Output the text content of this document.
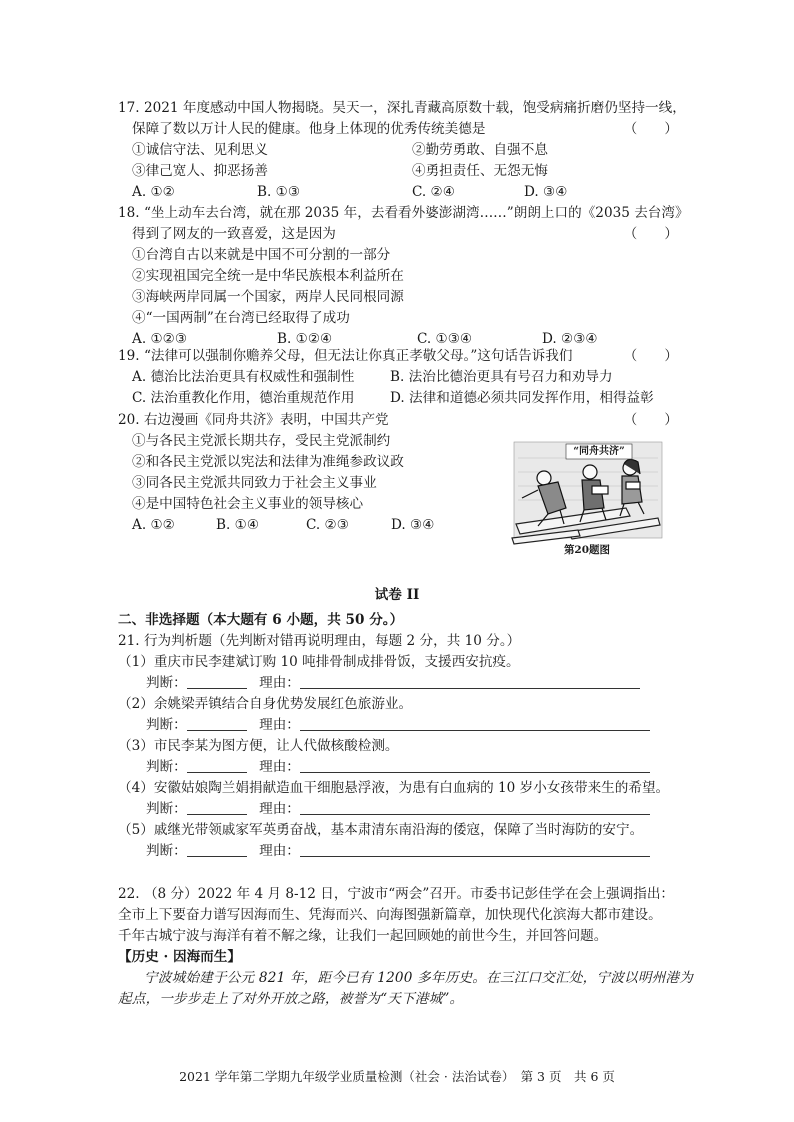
17. 2021 年度感动中国人物揭晓。吴天一，深扎青藏高原数十载，饱受病痛折磨仍坚持一线，
保障了数以万计人民的健康。他身上体现的优秀传统美德是	（　　）
①诚信守法、见利思义	②勤劳勇敢、自强不息
③律己宽人、抑恶扬善	④勇担责任、无怨无悔
A. ①②	B. ①③	C. ②④	D. ③④
18. “坐上动车去台湾，就在那 2035 年，去看看外婆澎湖湾……”朗朗上口的《2035 去台湾》
得到了网友的一致喜爱，这是因为	（　　）
①台湾自古以来就是中国不可分割的一部分
②实现祖国完全统一是中华民族根本利益所在
③海峡两岸同属一个国家，两岸人民同根同源
④“一国两制”在台湾已经取得了成功
A. ①②③	B. ①②④	C. ①③④	D. ②③④
19. “法律可以强制你赡养父母，但无法让你真正孝敬父母。”这句话告诉我们	（　　）
A. 德治比法治更具有权威性和强制性	B. 法治比德治更具有号召力和劝导力
C. 法治重教化作用，德治重规范作用	D. 法律和道德必须共同发挥作用，相得益彰
20. 右边漫画《同舟共济》表明，中国共产党	（　　）
①与各民主党派长期共存，受民主党派制约
②和各民主党派以宪法和法律为准绳参政议政
③同各民主党派共同致力于社会主义事业
④是中国特色社会主义事业的领导核心
A. ①②	B. ①④	C. ②③	D. ③④
“同舟共济”
第20题图
试卷 II
二、非选择题（本大题有 6 小题，共 50 分。）
21. 行为判析题（先判断对错再说明理由，每题 2 分，共 10 分。）
（1）重庆市民李建斌订购 10 吨排骨制成排骨饭，支援西安抗疫。
判断：	理由：
（2）余姚梁弄镇结合自身优势发展红色旅游业。
判断：	理由：
（3）市民李某为图方便，让人代做核酸检测。
判断：	理由：
（4）安徽姑娘陶兰娟捐献造血干细胞悬浮液，为患有白血病的 10 岁小女孩带来生的希望。
判断：	理由：
（5）戚继光带领戚家军英勇奋战，基本肃清东南沿海的倭寇，保障了当时海防的安宁。
判断：	理由：
22. （8 分）2022 年 4 月 8-12 日，宁波市“两会”召开。市委书记彭佳学在会上强调指出：
全市上下要奋力谱写因海而生、凭海而兴、向海图强新篇章，加快现代化滨海大都市建设。
千年古城宁波与海洋有着不解之缘，让我们一起回顾她的前世今生，并回答问题。
【历史 · 因海而生】
宁波城始建于公元 821 年，距今已有 1200 多年历史。在三江口交汇处，宁波以明州港为
起点，一步步走上了对外开放之路，被誉为“天下港城”。
2021 学年第二学期九年级学业质量检测（社会 · 法治试卷）　第 3 页　共 6 页
